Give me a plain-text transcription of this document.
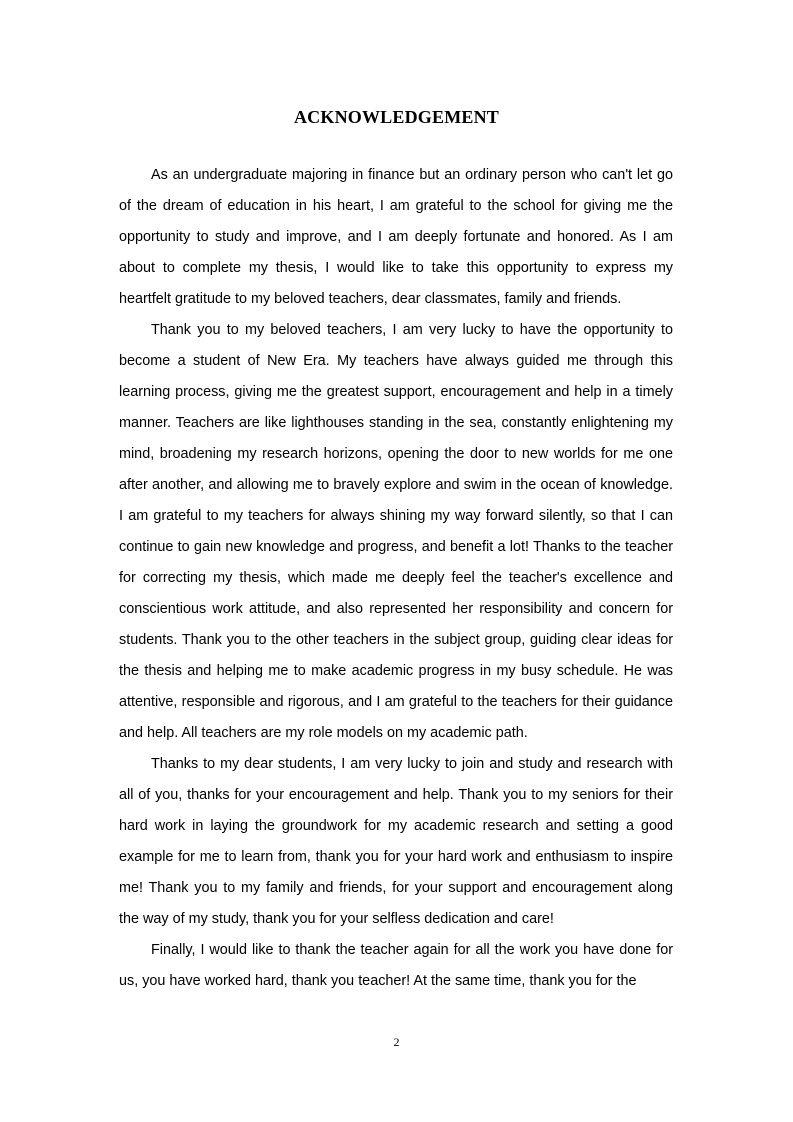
ACKNOWLEDGEMENT

As an undergraduate majoring in finance but an ordinary person who can't let go of the dream of education in his heart, I am grateful to the school for giving me the opportunity to study and improve, and I am deeply fortunate and honored. As I am about to complete my thesis, I would like to take this opportunity to express my heartfelt gratitude to my beloved teachers, dear classmates, family and friends.

Thank you to my beloved teachers, I am very lucky to have the opportunity to become a student of New Era. My teachers have always guided me through this learning process, giving me the greatest support, encouragement and help in a timely manner. Teachers are like lighthouses standing in the sea, constantly enlightening my mind, broadening my research horizons, opening the door to new worlds for me one after another, and allowing me to bravely explore and swim in the ocean of knowledge. I am grateful to my teachers for always shining my way forward silently, so that I can continue to gain new knowledge and progress, and benefit a lot! Thanks to the teacher for correcting my thesis, which made me deeply feel the teacher's excellence and conscientious work attitude, and also represented her responsibility and concern for students. Thank you to the other teachers in the subject group, guiding clear ideas for the thesis and helping me to make academic progress in my busy schedule. He was attentive, responsible and rigorous, and I am grateful to the teachers for their guidance and help. All teachers are my role models on my academic path.

Thanks to my dear students, I am very lucky to join and study and research with all of you, thanks for your encouragement and help. Thank you to my seniors for their hard work in laying the groundwork for my academic research and setting a good example for me to learn from, thank you for your hard work and enthusiasm to inspire me! Thank you to my family and friends, for your support and encouragement along the way of my study, thank you for your selfless dedication and care!

Finally, I would like to thank the teacher again for all the work you have done for us, you have worked hard, thank you teacher! At the same time, thank you for the

2
